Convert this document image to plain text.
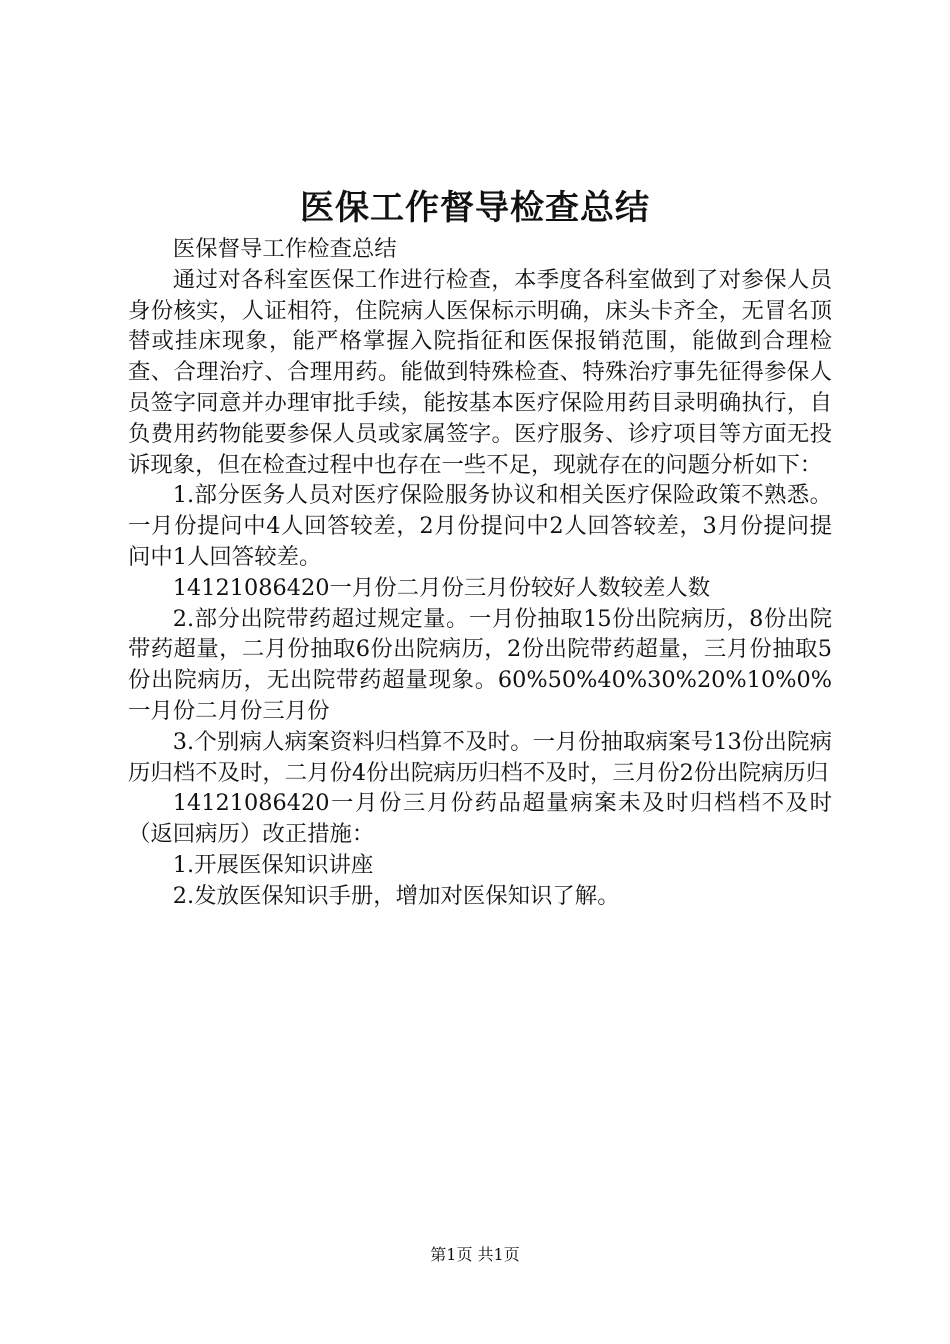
医保工作督导检查总结

医保督导工作检查总结

通过对各科室医保工作进行检查，本季度各科室做到了对参保人员身份核实，人证相符，住院病人医保标示明确，床头卡齐全，无冒名顶替或挂床现象，能严格掌握入院指征和医保报销范围，能做到合理检查、合理治疗、合理用药。能做到特殊检查、特殊治疗事先征得参保人员签字同意并办理审批手续，能按基本医疗保险用药目录明确执行，自负费用药物能要参保人员或家属签字。医疗服务、诊疗项目等方面无投诉现象，但在检查过程中也存在一些不足，现就存在的问题分析如下：

1.部分医务人员对医疗保险服务协议和相关医疗保险政策不熟悉。一月份提问中4人回答较差，2月份提问中2人回答较差，3月份提问提问中1人回答较差。

14121086420一月份二月份三月份较好人数较差人数

2.部分出院带药超过规定量。一月份抽取15份出院病历，8份出院带药超量，二月份抽取6份出院病历，2份出院带药超量，三月份抽取5份出院病历，无出院带药超量现象。60%50%40%30%20%10%0%一月份二月份三月份

3.个别病人病案资料归档算不及时。一月份抽取病案号13份出院病历归档不及时，二月份4份出院病历归档不及时，三月份2份出院病历归

14121086420一月份三月份药品超量病案未及时归档档不及时（返回病历）改正措施：

1.开展医保知识讲座

2.发放医保知识手册，增加对医保知识了解。

第1页 共1页
